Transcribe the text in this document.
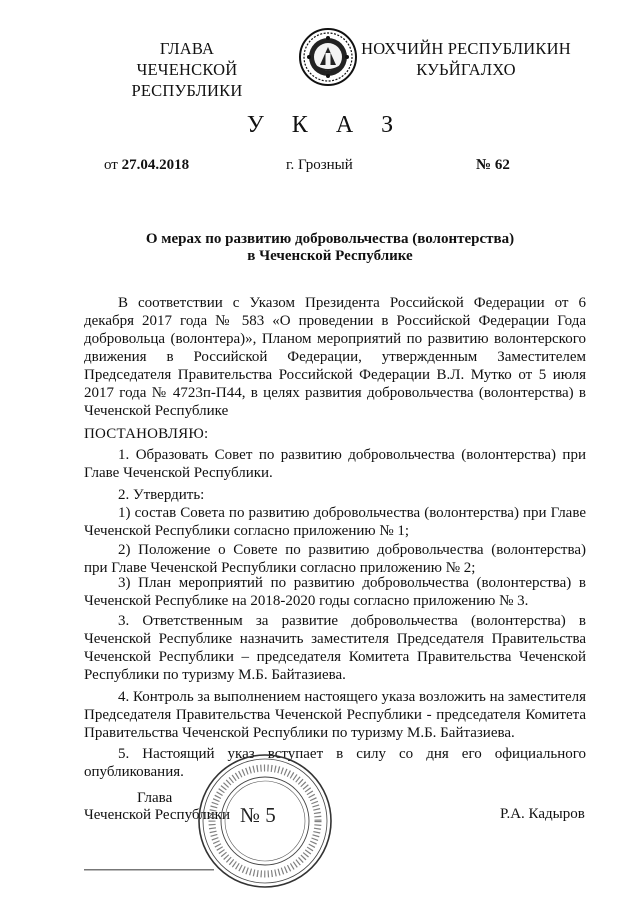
ГЛАВА
ЧЕЧЕНСКОЙ РЕСПУБЛИКИ
НОХЧИЙН РЕСПУБЛИКИН
КУЬЙГАЛХО
У К А З
от 27.04.2018	г. Грозный	№ 62
О мерах по развитию добровольчества (волонтерства)
в Чеченской Республике
В соответствии с Указом Президента Российской Федерации от 6 декабря 2017 года № 583 «О проведении в Российской Федерации Года добровольца (волонтера)», Планом мероприятий по развитию волонтерского движения в Российской Федерации, утвержденным Заместителем Председателя Правительства Российской Федерации В.Л. Мутко от 5 июля 2017 года № 4723п-П44, в целях развития добровольчества (волонтерства) в Чеченской Республике
ПОСТАНОВЛЯЮ:
1. Образовать Совет по развитию добровольчества (волонтерства) при Главе Чеченской Республики.
2. Утвердить:
1) состав Совета по развитию добровольчества (волонтерства) при Главе Чеченской Республики согласно приложению № 1;
2) Положение о Совете по развитию добровольчества (волонтерства) при Главе Чеченской Республики согласно приложению № 2;
3) План мероприятий по развитию добровольчества (волонтерства) в Чеченской Республике на 2018-2020 годы согласно приложению № 3.
3. Ответственным за развитие добровольчества (волонтерства) в Чеченской Республике назначить заместителя Председателя Правительства Чеченской Республики – председателя Комитета Правительства Чеченской Республики по туризму М.Б. Байтазиева.
4. Контроль за выполнением настоящего указа возложить на заместителя Председателя Правительства Чеченской Республики - председателя Комитета Правительства Чеченской Республики по туризму М.Б. Байтазиева.
5. Настоящий указ вступает в силу со дня его официального опубликования.
Глава
Чеченской Республики	Р.А. Кадыров
№ 5
